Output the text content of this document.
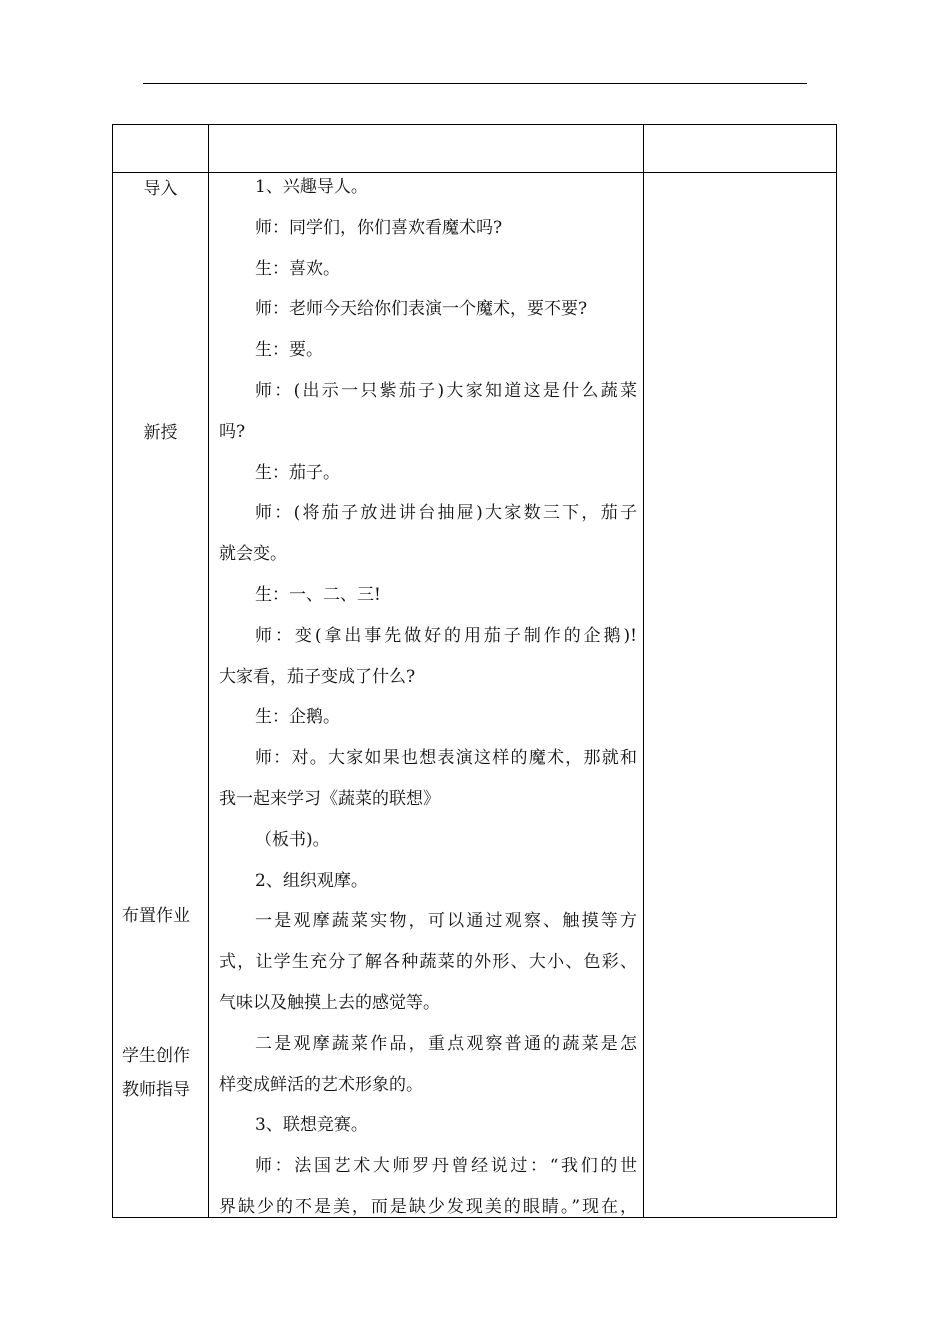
导入
新授
布置作业
学生创作
教师指导

1、兴趣导人。

师：同学们，你们喜欢看魔术吗?

生：喜欢。

师：老师今天给你们表演一个魔术，要不要?

生：要。

师：(出示一只紫茄子)大家知道这是什么蔬菜

吗?

生：茄子。

师：(将茄子放进讲台抽屉)大家数三下，茄子

就会变。

生：一、二、三!

师：变(拿出事先做好的用茄子制作的企鹅)!

大家看，茄子变成了什么?

生：企鹅。

师：对。大家如果也想表演这样的魔术，那就和

我一起来学习《蔬菜的联想》

（板书)。

2、组织观摩。

一是观摩蔬菜实物，可以通过观察、触摸等方

式，让学生充分了解各种蔬菜的外形、大小、色彩、

气味以及触摸上去的感觉等。

二是观摩蔬菜作品，重点观察普通的蔬菜是怎

样变成鲜活的艺术形象的。

3、联想竞赛。

师：法国艺术大师罗丹曾经说过：“我们的世

界缺少的不是美，而是缺少发现美的眼睛。”现在，
